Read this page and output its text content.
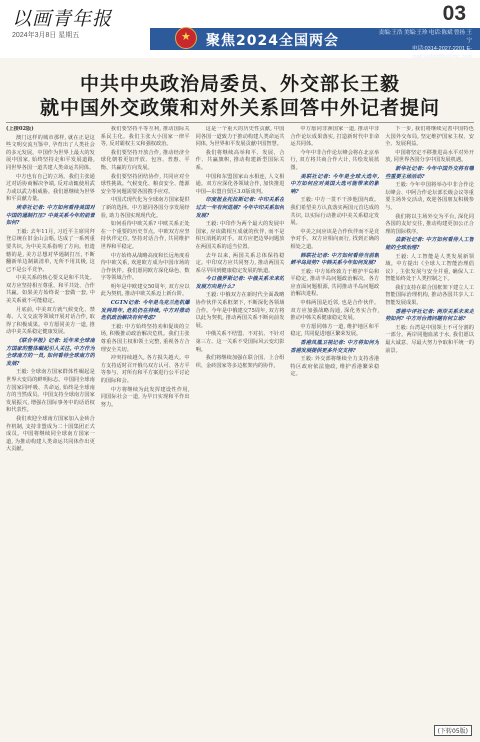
以画青年报
2024年3月8日 星期五
03
★ 聚焦2024全国两会	责编:王浩 美编:王珍 电话:陈斌 曾扬 王宁
电话:0314-2027-2201 E-mail:webs@hebtmc.com
中共中央政治局委员、外交部长王毅
就中国外交政策和对外关系回答中外记者提问

(上接02版)

澳门这样的城市那样, 就在正是这些文明交流互鉴中, 孕育出了人类社会的多元发展。中国作为世界上最大的发展中国家, 始终坚持走和平发展道路, 同世界各国一道共建人类命运共同体。

中方也有自己的立场。我们主张通过对话协商解决争端, 反对动辄使用武力或以武力相威胁。我们愿继续为世界和平贡献力量。

埃菲社记者: 中方如何看待美国对中国的遏制打压? 中美关系今年的前景如何?

王毅: 去年11月, 习近平主席同拜登总统在旧金山会晤, 达成了一系列重要共识, 为中美关系指明了方向。但遗憾的是, 美方总想对华遏制打压, 不断翻新单边制裁清单, 无所不用其极, 这已不是公平竞争。

中美关系的核心要义是和平共处。双方应坚持相互尊重、和平共处、合作共赢。如果美方始终说一套做一套, 中美关系就不可能稳定。

月底前, 中美双方就气候变化、禁毒、人文交流等领域开展对话合作, 取得了积极成果。中方愿同美方一道, 推动中美关系稳定健康发展。

《联合早报》记者: 近年来全球南方国家的整体崛起引人关注, 中方作为全球南方的一员, 如何看待全球南方的发展?

王毅: 全球南方国家群体性崛起是世界大变局的鲜明标志。中国同全球南方国家同呼吸、共命运, 始终是全球南方的当然成员。中国支持全球南方国家发展振兴, 增强在国际事务中的话语权和代表性。

我们欢迎全球南方国家加入金砖合作机制, 支持非盟成为二十国集团正式成员。中国将继续同全球南方国家一道, 为推动构建人类命运共同体作出更大贡献。

我们要坚持平等互利, 推动国际关系民主化。我们主张大小国家一律平等, 反对霸权主义和强权政治。

我们要坚持开放合作, 推动经济全球化朝着更加开放、包容、普惠、平衡、共赢的方向发展。

我们要坚持团结协作, 共同应对全球性挑战。气候变化、粮食安全、能源安全等问题需要各国携手应对。

中国式现代化为全球南方国家提供了新的选择。中方愿同各国分享发展经验, 助力各国实现现代化。

如何看待中欧关系? 中欧关系正处在一个重要的历史节点。中欧双方应坚持伙伴定位, 坚持对话合作, 共同维护世界和平稳定。

中方始终从战略高度和长远角度看待中欧关系, 欢迎欧方成为中国市场的合作伙伴。我们愿同欧方深化绿色、数字等领域合作。

明年是中欧建交50周年, 双方应以此为契机, 推动中欧关系迈上新台阶。

CGTN记者: 今年是乌克兰危机爆发两周年, 危机仍在持续, 中方对推动危机政治解决有何考虑?

王毅: 中方始终坚持劝和促谈的立场, 积极推动政治解决危机。我们主张尊重各国主权和领土完整, 重视各方合理安全关切。

冲突持续越久, 各方损失越大。中方支持适时召开俄乌双方认可、各方平等参与、对所有和平方案进行公平讨论的国际和会。

中方将继续为此发挥建设性作用, 同国际社会一道, 为早日实现和平作出努力。

这是一个重大的历史性贡献, 中国同各国一道致力于推动构建人类命运共同体, 为世界和平发展贡献中国智慧。

我们将继续高举和平、发展、合作、共赢旗帜, 推动构建新型国际关系。

中国和东盟国家山水相连, 人文相通。双方应深化各领域合作, 加快推进中国—东盟自贸区3.0版谈判。

印度报业托拉斯记者: 中印关系在过去一年有何进展? 今年中印关系如何发展?

王毅: 中印作为两个最大的发展中国家, 应该做相互成就的伙伴, 而不是相互消耗的对手。双方应把边界问题放在两国关系的适当位置。

去年以来, 两国关系总体保持稳定。中印双方应共同努力, 推动两国关系尽早回到健康稳定发展的轨道。

今日俄罗斯记者: 中俄关系未来的发展方向是什么?

王毅: 中俄双方在新时代全面战略协作伙伴关系框架下, 不断深化各领域合作。今年是中俄建交75周年, 双方将以此为契机, 推动两国关系不断向前发展。

中俄关系不结盟、不对抗、不针对第三方。这一关系不受国际风云变幻影响。

我们将继续加强在联合国、上合组织、金砖国家等多边框架内的协作。

中方愿同非洲国家一道, 推动中非合作论坛成果落实, 打造新时代中非命运共同体。

今年中非合作论坛峰会将在北京举行, 双方将共商合作大计, 共绘发展蓝图。

美联社记者: 今年是全球大选年, 中方如何应对美国大选可能带来的影响?

王毅: 中方一贯不干涉他国内政。我们希望美方认真落实两国元首达成的共识, 以实际行动推动中美关系稳定发展。

中美之间应该是合作伙伴而不是竞争对手。双方应相向而行, 找到正确的相处之道。

韩联社记者: 中方如何看待当前朝鲜半岛局势? 中韩关系今年如何发展?

王毅: 中方始终致力于维护半岛和平稳定, 推动半岛问题政治解决。各方应直面问题根源, 共同推动半岛问题政治解决进程。

中韩两国是近邻, 也是合作伙伴。双方应加强战略沟通, 深化务实合作, 推动中韩关系健康稳定发展。

中方愿同韩方一道, 维护地区和平稳定, 共同促进地区繁荣发展。

香港凤凰卫视记者: 中方将如何为香港发展提供更多外交支持?

王毅: 外交部将继续全力支持香港特区政府依法施政, 维护香港繁荣稳定。

下一步, 我们将继续完善中国特色大国外交布局, 坚定维护国家主权、安全、发展利益。

中国将坚定不移推进高水平对外开放, 同世界各国分享中国发展机遇。

新华社记者: 今年中国外交将有哪些重要主场活动?

王毅: 今年中国将举办中非合作论坛峰会、中阿合作论坛部长级会议等重要主场外交活动, 欢迎各国朋友积极参与。

我们将以主场外交为平台, 深化同各国的友好交往, 推动构建更加公正合理的国际秩序。

法新社记者: 中方如何看待人工智能的全球治理?

王毅: 人工智能是人类发展新领域。中方提出《全球人工智能治理倡议》, 主张发展与安全并重, 确保人工智能始终处于人类控制之下。

我们支持在联合国框架下建立人工智能国际治理机构, 推动各国共享人工智能发展成果。

香港中评社记者: 两岸关系未来走势如何? 中方对台湾问题有何立场?

王毅: 台湾是中国领土不可分割的一部分。两岸同胞血浓于水, 我们愿以最大诚意、尽最大努力争取和平统一的前景。

(下转05版)
